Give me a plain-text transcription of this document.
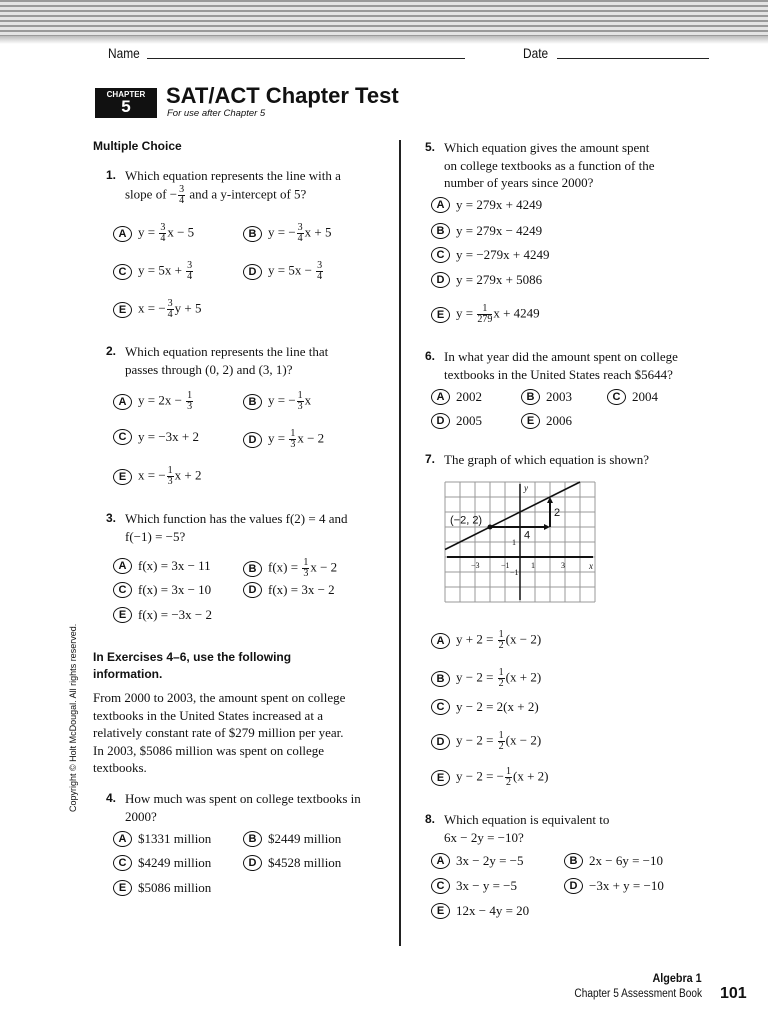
Name	Date
CHAPTER
5	SAT/ACT Chapter Test
For use after Chapter 5
Multiple Choice
In Exercises 4–6, use the following
information.
From 2000 to 2003, the amount spent on college
textbooks in the United States increased at a
relatively constant rate of $279 million per year.
In 2003, $5086 million was spent on college
textbooks.
Copyright © Holt McDougal. All rights reserved.
1. Which equation represents the line with a
slope of − $\frac{3}{4}$ and a y-intercept of 5?
A $y = \frac{3}{4}$ x − 5	B y = − $\frac{3}{4}$ x + 5
C $y = 5x + \frac{3}{4}$	D $y = 5x - \frac{3}{4}$
E x = − $\frac{3}{4}$ y + 5
2. Which equation represents the line that
passes through (0, 2) and (3, 1)?
A $y = 2x - \frac{1}{3}$	B y = − $\frac{1}{3}$ x
C y = −3x + 2	D $y = \frac{1}{3}$ x − 2
E x = − $\frac{1}{3}$ x + 2
3. Which function has the values f(2) = 4 and
f(−1) = −5?
A f(x) = 3x − 11	B $f(x) = \frac{1}{3}$ x − 2
C f(x) = 3x − 10	D f(x) = 3x − 2
E f(x) = −3x − 2
4. How much was spent on college textbooks in
2000?
A $1331 million	B $2449 million
C $4249 million	D $4528 million
E $5086 million
5. Which equation gives the amount spent
on college textbooks as a function of the
number of years since 2000?
A y = 279x + 4249
B y = 279x − 4249
C y = −279x + 4249
D y = 279x + 5086
E $y = \frac{1}{279}$ x + 4249
6. In what year did the amount spent on college
textbooks in the United States reach $5644?
A 2002	B 2003	C 2004
D 2005	E 2006
7. The graph of which equation is shown?
A $y + 2 = \frac{1}{2} (x - 2)$
B $y - 2 = \frac{1}{2} (x + 2)$
C y − 2 = 2(x + 2)
D $y - 2 = \frac{1}{2} (x - 2)$
E y − 2 = − $\frac{1}{2} (x + 2)$
8. Which equation is equivalent to
6x − 2y = −10?
A 3x − 2y = −5	B 2x − 6y = −10
C 3x − y = −5	D −3x + y = −10
E 12x − 4y = 20
(−2, 2)
4
2
x
y
−3	−1	1	3
1
−1
Algebra 1
Chapter 5 Assessment Book 101
